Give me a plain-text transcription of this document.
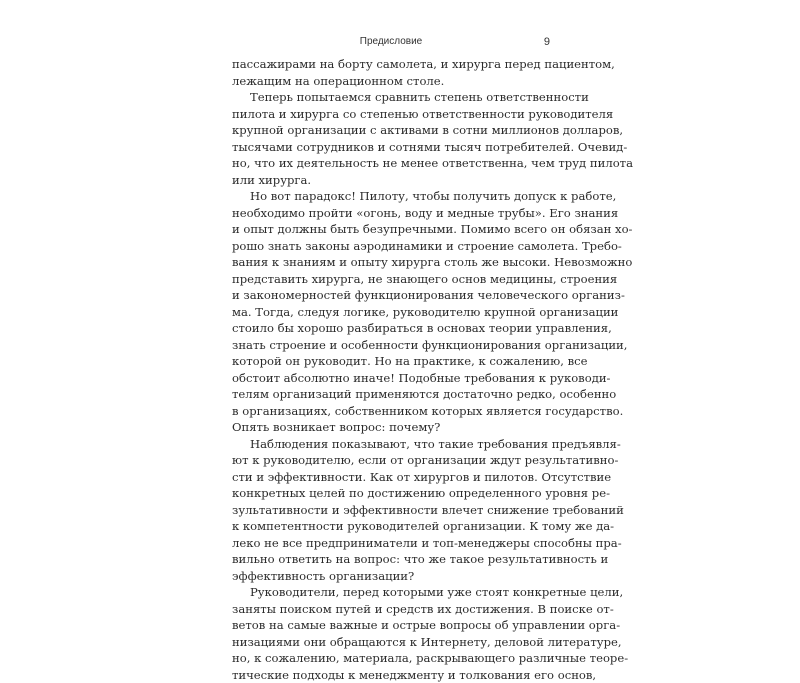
Предисловие	9
пассажирами на борту самолета, и хирурга перед пациентом,
лежащим на операционном столе.
Теперь попытаемся сравнить степень ответственности
пилота и хирурга со степенью ответственности руководителя
крупной организации с активами в сотни миллионов долларов,
тысячами сотрудников и сотнями тысяч потребителей. Очевид-
но, что их деятельность не менее ответственна, чем труд пилота
или хирурга.
Но вот парадокс! Пилоту, чтобы получить допуск к работе,
необходимо пройти «огонь, воду и медные трубы». Его знания
и опыт должны быть безупречными. Помимо всего он обязан хо-
рошо знать законы аэродинамики и строение самолета. Требо-
вания к знаниям и опыту хирурга столь же высоки. Невозможно
представить хирурга, не знающего основ медицины, строения
и закономерностей функционирования человеческого организ-
ма. Тогда, следуя логике, руководителю крупной организации
стоило бы хорошо разбираться в основах теории управления,
знать строение и особенности функционирования организации,
которой он руководит. Но на практике, к сожалению, все
обстоит абсолютно иначе! Подобные требования к руководи-
телям организаций применяются достаточно редко, особенно
в организациях, собственником которых является государство.
Опять возникает вопрос: почему?
Наблюдения показывают, что такие требования предъявля-
ют к руководителю, если от организации ждут результативно-
сти и эффективности. Как от хирургов и пилотов. Отсутствие
конкретных целей по достижению определенного уровня ре-
зультативности и эффективности влечет снижение требований
к компетентности руководителей организации. К тому же да-
леко не все предприниматели и топ-менеджеры способны пра-
вильно ответить на вопрос: что же такое результативность и
эффективность организации?
Руководители, перед которыми уже стоят конкретные цели,
заняты поиском путей и средств их достижения. В поиске от-
ветов на самые важные и острые вопросы об управлении орга-
низациями они обращаются к Интернету, деловой литературе,
но, к сожалению, материала, раскрывающего различные теоре-
тические подходы к менеджменту и толкования его основ,
